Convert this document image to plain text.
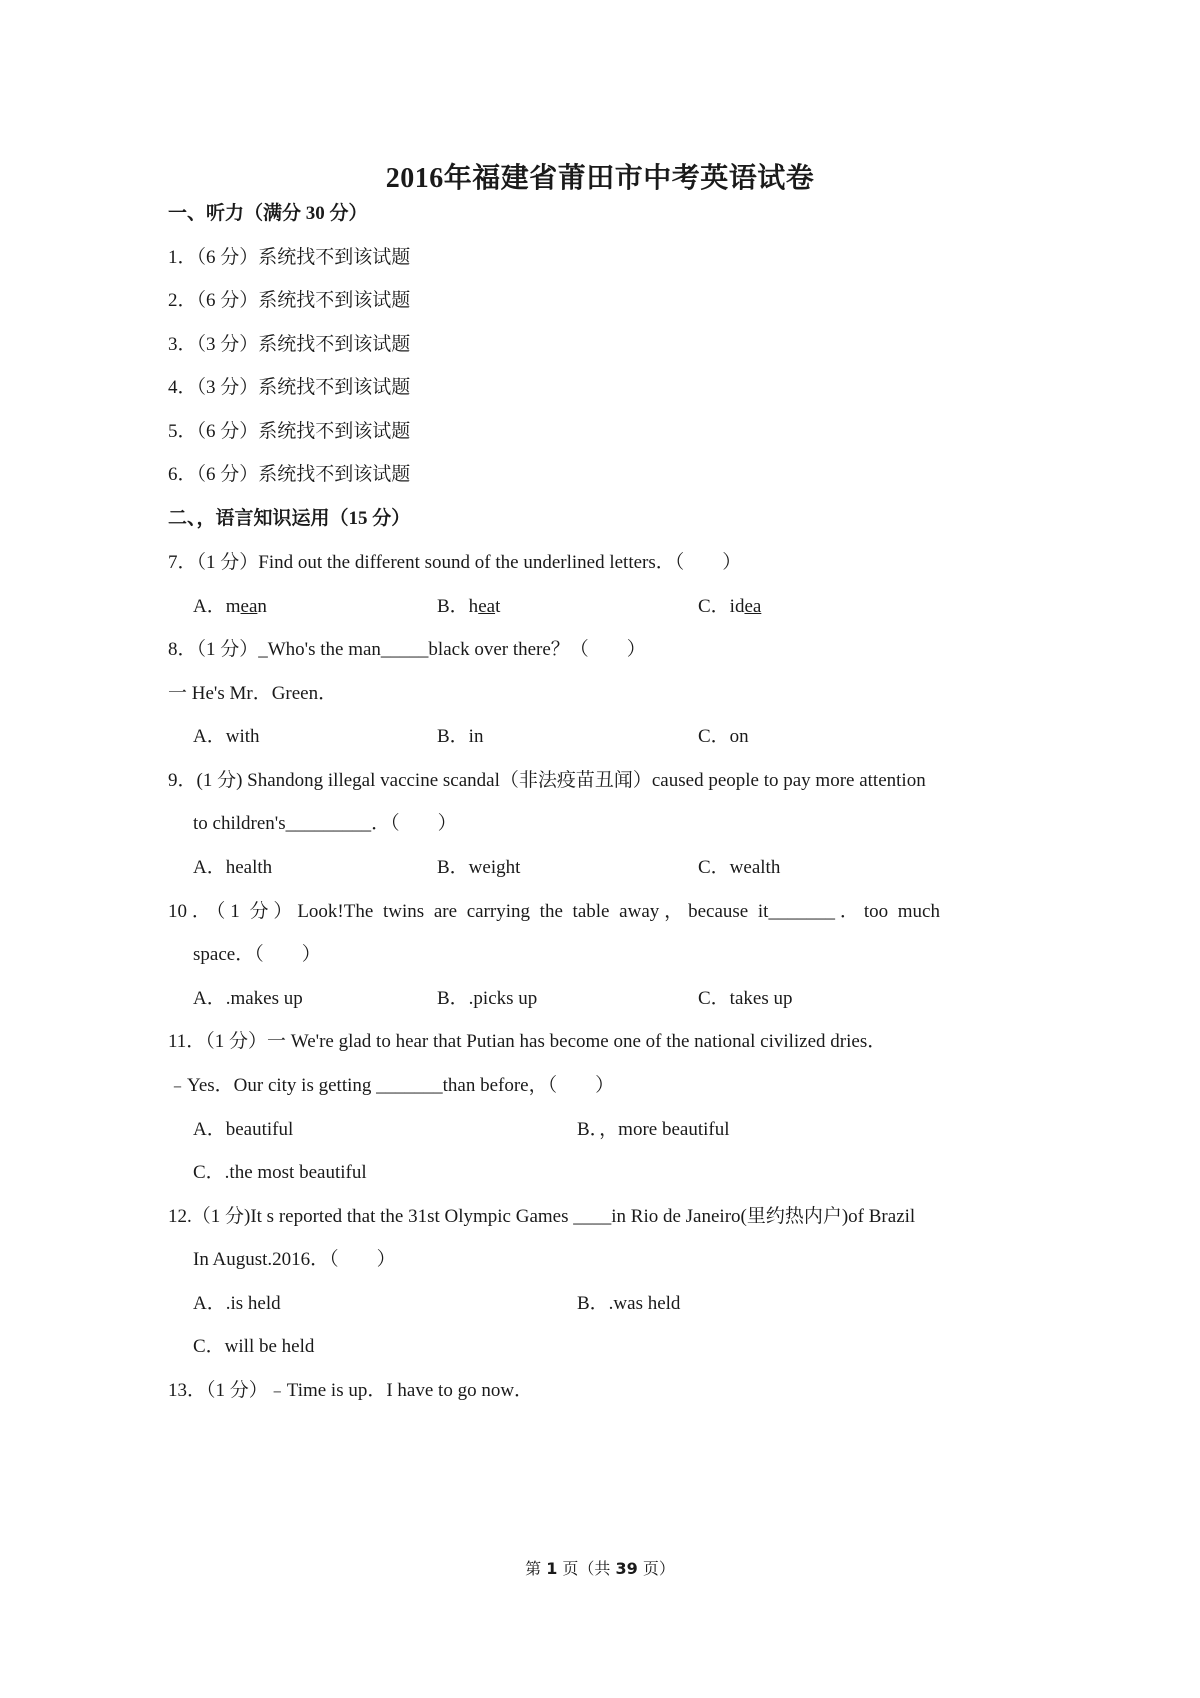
2016年福建省莆田市中考英语试卷
一、听力（满分 30 分）
1．（6 分）系统找不到该试题
2．（6 分）系统找不到该试题
3．（3 分）系统找不到该试题
4．（3 分）系统找不到该试题
5．（6 分）系统找不到该试题
6．（6 分）系统找不到该试题
二、，语言知识运用（15 分）
7．（1 分）Find out the different sound of the underlined letters．（　　）
A．mean	B．heat	C．idea
8．（1 分）_Who's the man_____black over there？（　　）
一 He's Mr．Green．
A．with	B．in	C．on
9．(1 分) Shandong illegal vaccine scandal（非法疫苗丑闻）caused people to pay more attention
to children's_________．（　　）
A．health	B．weight	C．wealth
10．（1 分）Look!The twins are carrying the table away，because it_______．too much
space．（　　）
A．.makes up	B．.picks up	C．takes up
11．（1 分）一 We're glad to hear that Putian has become one of the national civilized dries．
﹣Yes．Our city is getting _______than before，（　　）
A．beautiful	B．，more beautiful
C．.the most beautiful
12.（1 分)It s reported that the 31st Olympic Games ____in Rio de Janeiro(里约热内户)of Brazil
In August.2016．（　　）
A．.is held	B．.was held
C．will be held
13．（1 分）﹣Time is up．I have to go now．
第 1 页（共 39 页）
